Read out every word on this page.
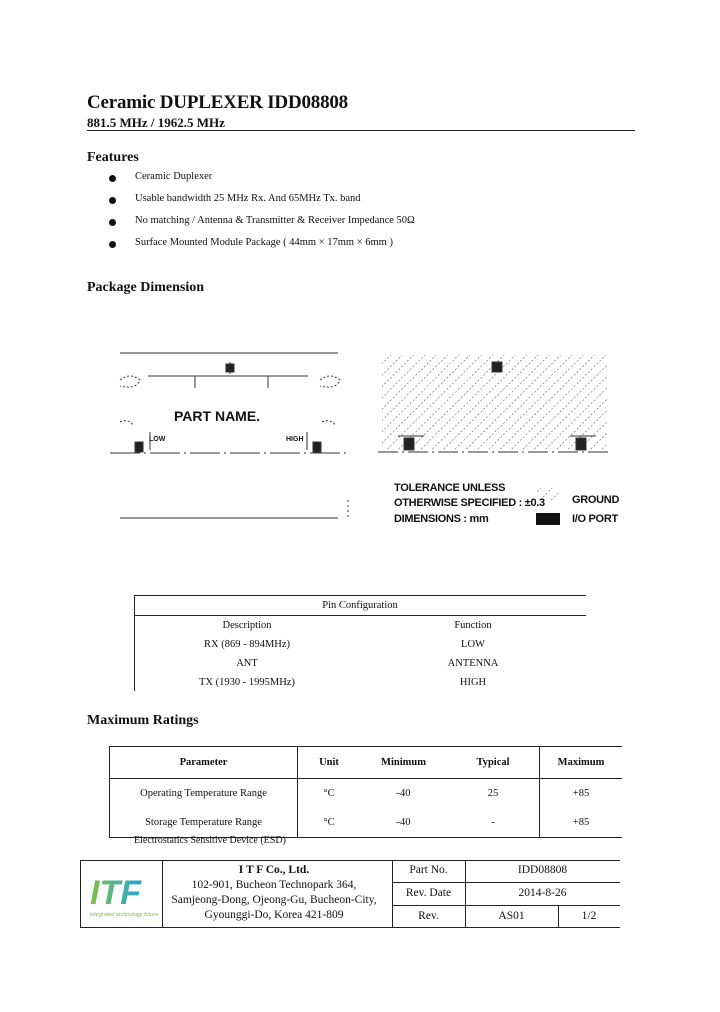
Ceramic DUPLEXER IDD08808
881.5 MHz / 1962.5 MHz
Features
Ceramic Duplexer
Usable bandwidth 25 MHz Rx. And 65MHz Tx. band
No matching / Antenna & Transmitter & Receiver Impedance 50Ω
Surface Mounted Module Package ( 44mm × 17mm × 6mm )
Package Dimension
PART NAME.
LOW	HIGH
TOLERANCE UNLESS
OTHERWISE SPECIFIED : ±0.3
DIMENSIONS : mm
GROUND
I/O PORT
Pin Configuration	
Description	Function
RX (869 - 894MHz)	LOW
ANT	ANTENNA
TX (1930 - 1995MHz)	HIGH
Maximum Ratings
Parameter	Unit	Minimum	Typical	Maximum
Operating Temperature Range	°C	-40	25	+85
Storage Temperature Range	°C	-40	-	+85
Electrostatics Sensitive Device (ESD)
ITF
integrated technology future
I T F Co., Ltd.
102-901, Bucheon Technopark 364,
Samjeong-Dong, Ojeong-Gu, Bucheon-City,
Gyounggi-Do, Korea 421-809
Part No.	IDD08808
Rev. Date	2014-8-26
Rev.	AS01	1/2
